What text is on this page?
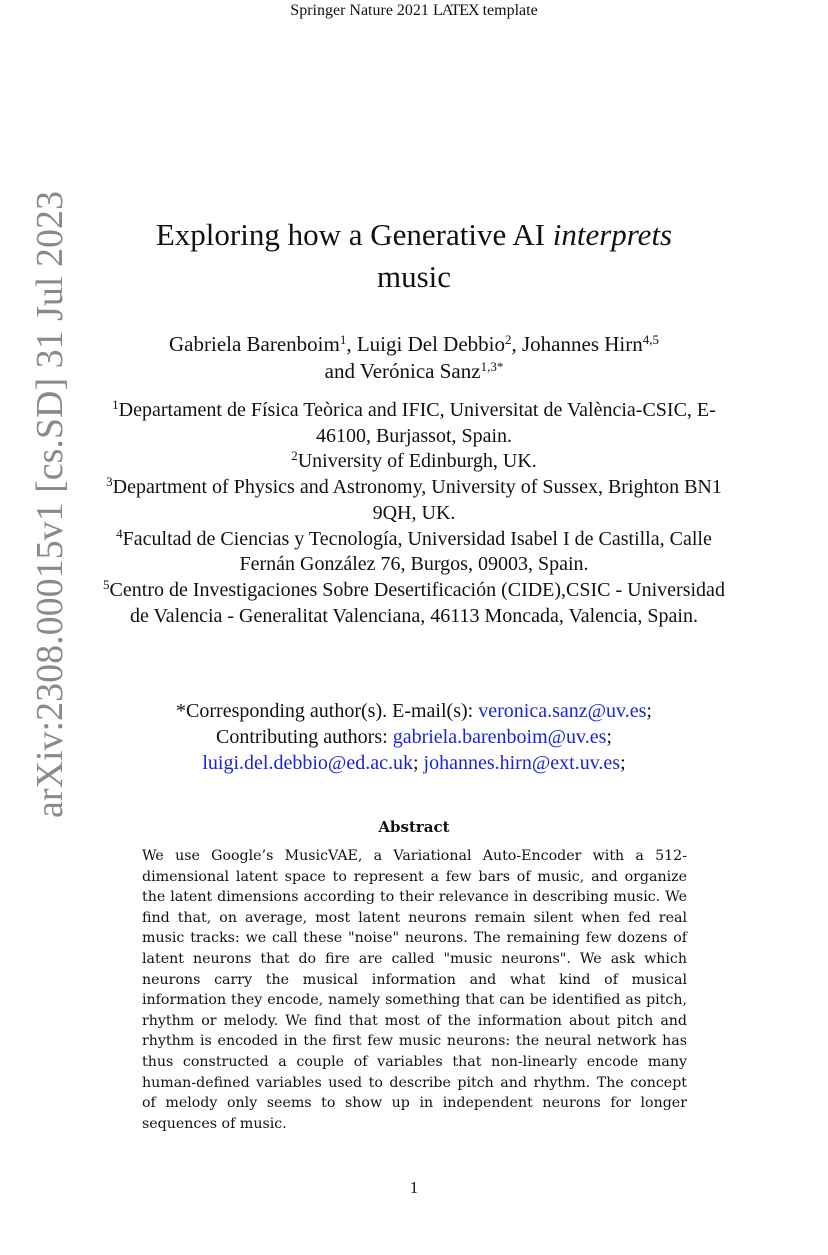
Springer Nature 2021 LATEX template
arXiv:2308.00015v1 [cs.SD] 31 Jul 2023	Exploring how a Generative AI interprets
music
Gabriela Barenboim$^1$, Luigi Del Debbio$^2$, Johannes Hirn$^{4,5}$
and Verónica Sanz$^{1,3*}$
$^1$Departament de Física Teòrica and IFIC, Universitat de València-CSIC, E-46100, Burjassot, Spain.
$^2$University of Edinburgh, UK.
$^3$Department of Physics and Astronomy, University of Sussex, Brighton BN1 9QH, UK.
$^4$Facultad de Ciencias y Tecnología, Universidad Isabel I de Castilla, Calle Fernán González 76, Burgos, 09003, Spain.
$^5$Centro de Investigaciones Sobre Desertificación (CIDE),CSIC - Universidad de Valencia - Generalitat Valenciana, 46113 Moncada, Valencia, Spain.
*Corresponding author(s). E-mail(s): veronica.sanz@uv.es;
Contributing authors: gabriela.barenboim@uv.es;
luigi.del.debbio@ed.ac.uk; johannes.hirn@ext.uv.es;
Abstract
We use Google’s MusicVAE, a Variational Auto-Encoder with a 512-dimensional latent space to represent a few bars of music, and organize the latent dimensions according to their relevance in describing music. We find that, on average, most latent neurons remain silent when fed real music tracks: we call these "noise" neurons. The remaining few dozens of latent neurons that do fire are called "music neurons". We ask which neurons carry the musical information and what kind of musical information they encode, namely something that can be identified as pitch, rhythm or melody. We find that most of the information about pitch and rhythm is encoded in the first few music neurons: the neural network has thus constructed a couple of variables that non-linearly encode many human-defined variables used to describe pitch and rhythm. The concept of melody only seems to show up in independent neurons for longer sequences of music.
1
